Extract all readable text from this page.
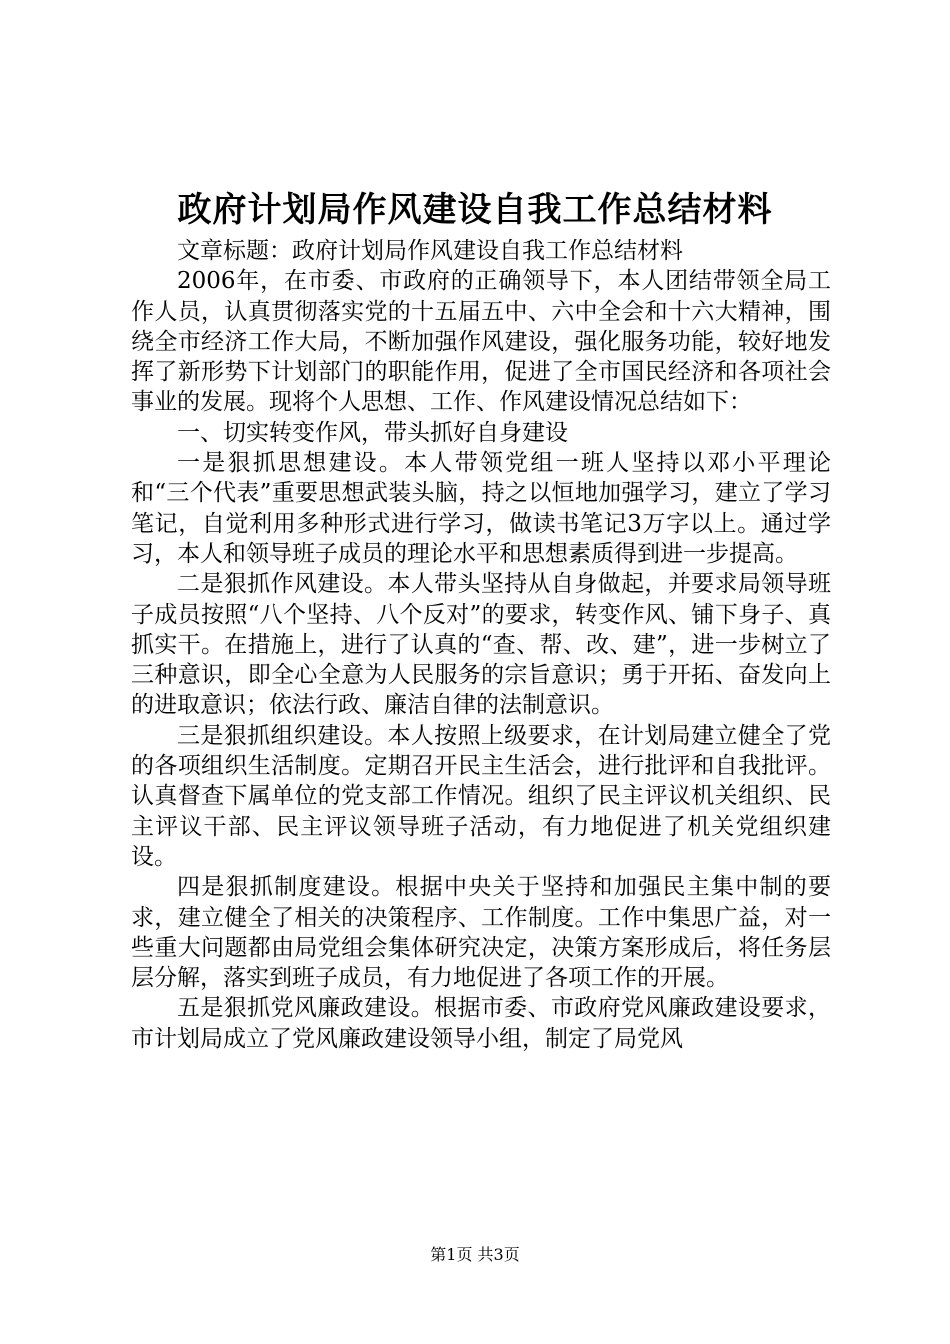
政府计划局作风建设自我工作总结材料

文章标题：政府计划局作风建设自我工作总结材料

2006年，在市委、市政府的正确领导下，本人团结带领全局工作人员，认真贯彻落实党的十五届五中、六中全会和十六大精神，围绕全市经济工作大局，不断加强作风建设，强化服务功能，较好地发挥了新形势下计划部门的职能作用，促进了全市国民经济和各项社会事业的发展。现将个人思想、工作、作风建设情况总结如下：

一、切实转变作风，带头抓好自身建设

一是狠抓思想建设。本人带领党组一班人坚持以邓小平理论和“三个代表”重要思想武装头脑，持之以恒地加强学习，建立了学习笔记，自觉利用多种形式进行学习，做读书笔记3万字以上。通过学习，本人和领导班子成员的理论水平和思想素质得到进一步提高。

二是狠抓作风建设。本人带头坚持从自身做起，并要求局领导班子成员按照“八个坚持、八个反对”的要求，转变作风、铺下身子、真抓实干。在措施上，进行了认真的“查、帮、改、建”，进一步树立了三种意识，即全心全意为人民服务的宗旨意识；勇于开拓、奋发向上的进取意识；依法行政、廉洁自律的法制意识。

三是狠抓组织建设。本人按照上级要求，在计划局建立健全了党的各项组织生活制度。定期召开民主生活会，进行批评和自我批评。认真督查下属单位的党支部工作情况。组织了民主评议机关组织、民主评议干部、民主评议领导班子活动，有力地促进了机关党组织建设。

四是狠抓制度建设。根据中央关于坚持和加强民主集中制的要求，建立健全了相关的决策程序、工作制度。工作中集思广益，对一些重大问题都由局党组会集体研究决定，决策方案形成后，将任务层层分解，落实到班子成员，有力地促进了各项工作的开展。

五是狠抓党风廉政建设。根据市委、市政府党风廉政建设要求，市计划局成立了党风廉政建设领导小组，制定了局党风

第1页 共3页
